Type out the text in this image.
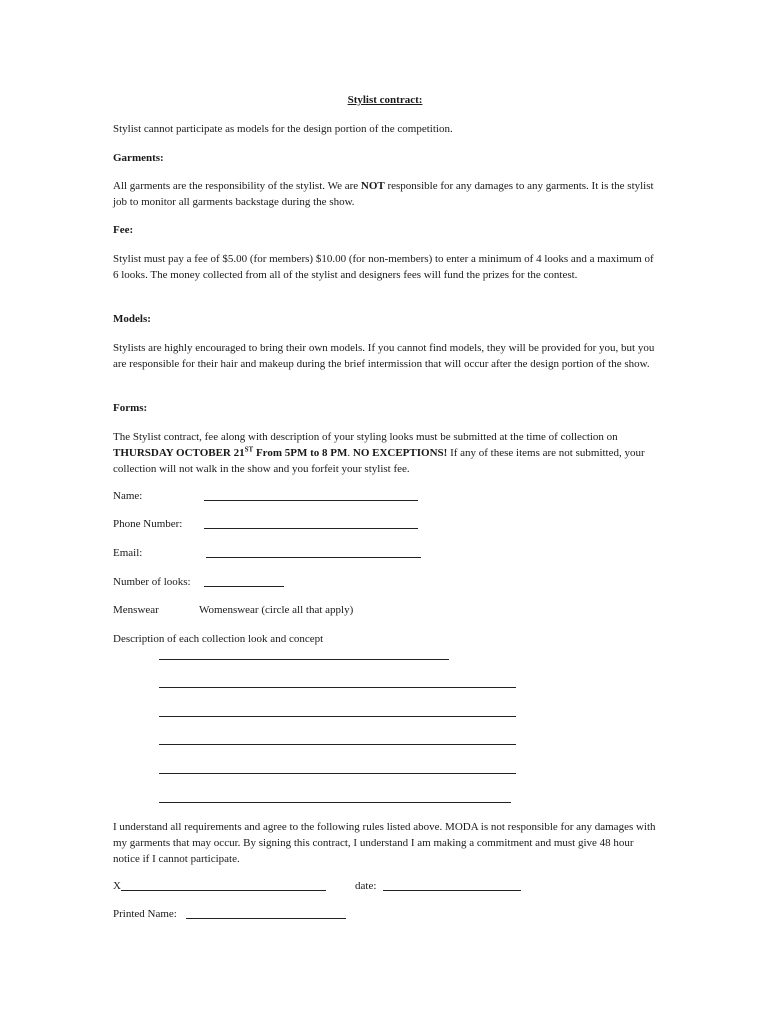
Stylist contract:
Stylist cannot participate as models for the design portion of the competition.
Garments:
All garments are the responsibility of the stylist. We are NOT responsible for any damages to any garments. It is the stylist job to monitor all garments backstage during the show.
Fee:
Stylist must pay a fee of $5.00 (for members) $10.00 (for non-members) to enter a minimum of 4 looks and a maximum of 6 looks. The money collected from all of the stylist and designers fees will fund the prizes for the contest.
Models:
Stylists are highly encouraged to bring their own models. If you cannot find models, they will be provided for you, but you are responsible for their hair and makeup during the brief intermission that will occur after the design portion of the show.
Forms:
The Stylist contract, fee along with description of your styling looks must be submitted at the time of collection on THURSDAY OCTOBER 21ST From 5PM to 8 PM. NO EXCEPTIONS! If any of these items are not submitted, your collection will not walk in the show and you forfeit your stylist fee.
Name:
Phone Number:
Email:
Number of looks:
Menswear	Womenswear (circle all that apply)
Description of each collection look and concept
I understand all requirements and agree to the following rules listed above. MODA is not responsible for any damages with my garments that may occur. By signing this contract, I understand I am making a commitment and must give 48 hour notice if I cannot participate.
X	date:
Printed Name:
